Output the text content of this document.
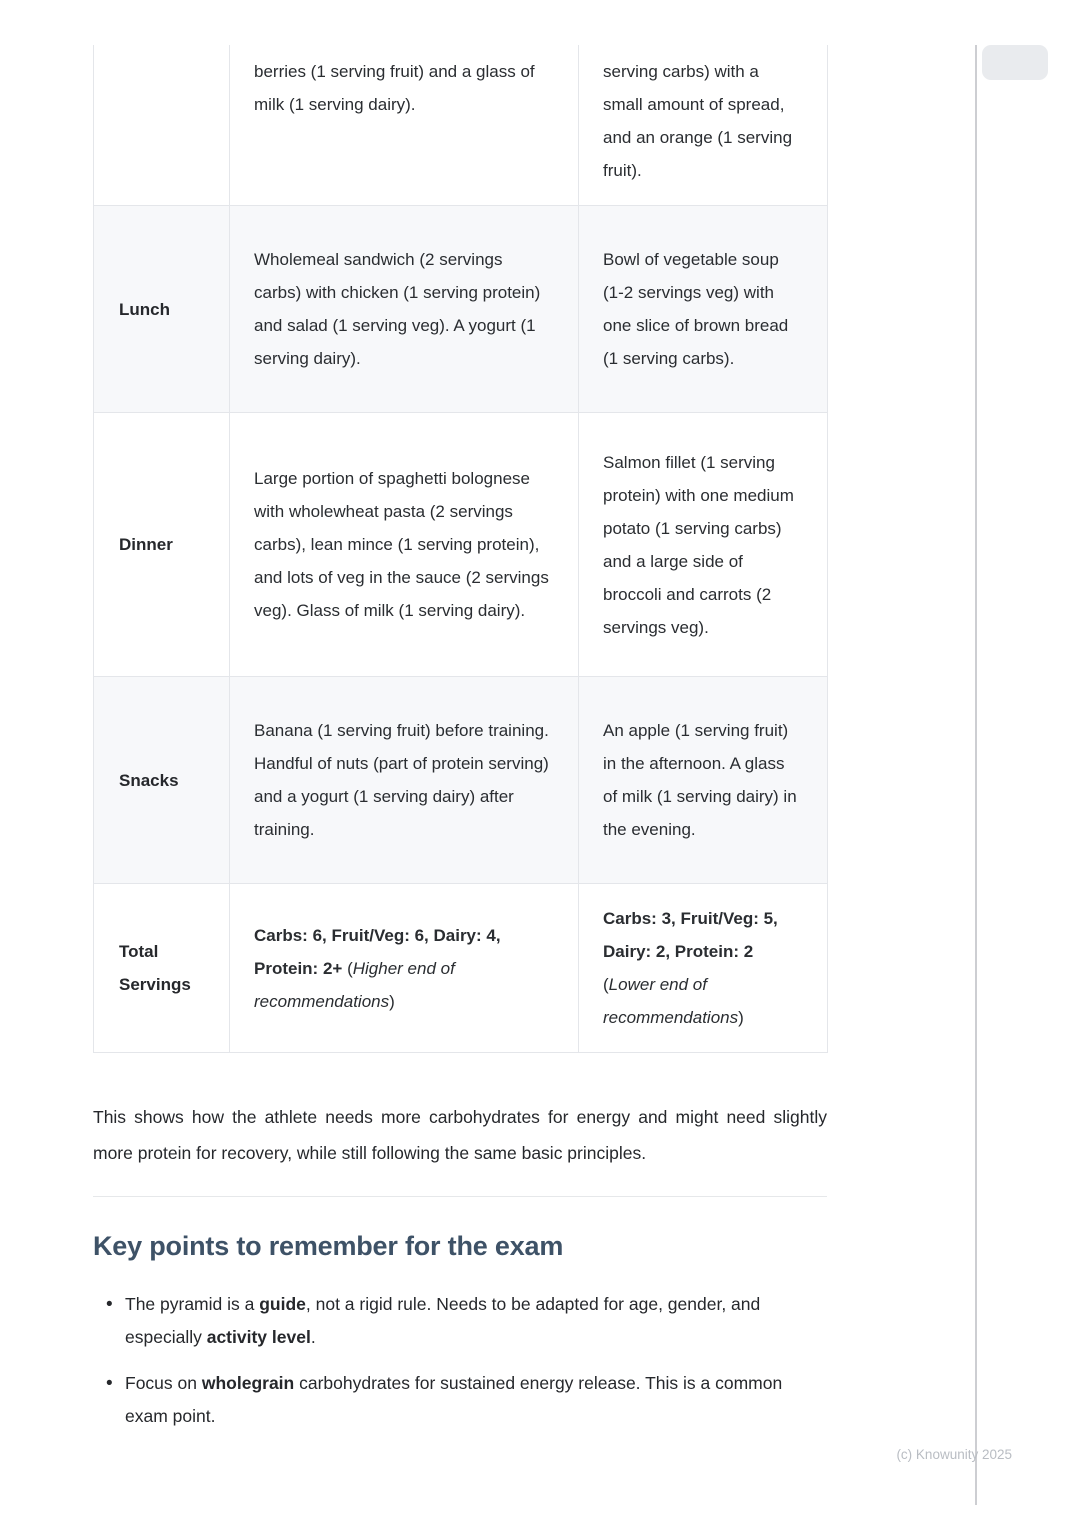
	berries (1 serving fruit) and a glass of milk (1 serving dairy).	serving carbs) with a small amount of spread, and an orange (1 serving fruit).
Lunch	Wholemeal sandwich (2 servings carbs) with chicken (1 serving protein) and salad (1 serving veg). A yogurt (1 serving dairy).	Bowl of vegetable soup (1-2 servings veg) with one slice of brown bread (1 serving carbs).
Dinner	Large portion of spaghetti bolognese with wholewheat pasta (2 servings carbs), lean mince (1 serving protein), and lots of veg in the sauce (2 servings veg). Glass of milk (1 serving dairy).	Salmon fillet (1 serving protein) with one medium potato (1 serving carbs) and a large side of broccoli and carrots (2 servings veg).
Snacks	Banana (1 serving fruit) before training. Handful of nuts (part of protein serving) and a yogurt (1 serving dairy) after training.	An apple (1 serving fruit) in the afternoon. A glass of milk (1 serving dairy) in the evening.
Total Servings	Carbs: 6, Fruit/Veg: 6, Dairy: 4, Protein: 2+ (Higher end of recommendations)	Carbs: 3, Fruit/Veg: 5, Dairy: 2, Protein: 2 (Lower end of recommendations)

This shows how the athlete needs more carbohydrates for energy and might need slightly more protein for recovery, while still following the same basic principles.

Key points to remember for the exam
• The pyramid is a guide, not a rigid rule. Needs to be adapted for age, gender, and especially activity level.
• Focus on wholegrain carbohydrates for sustained energy release. This is a common exam point.
(c) Knowunity 2025
